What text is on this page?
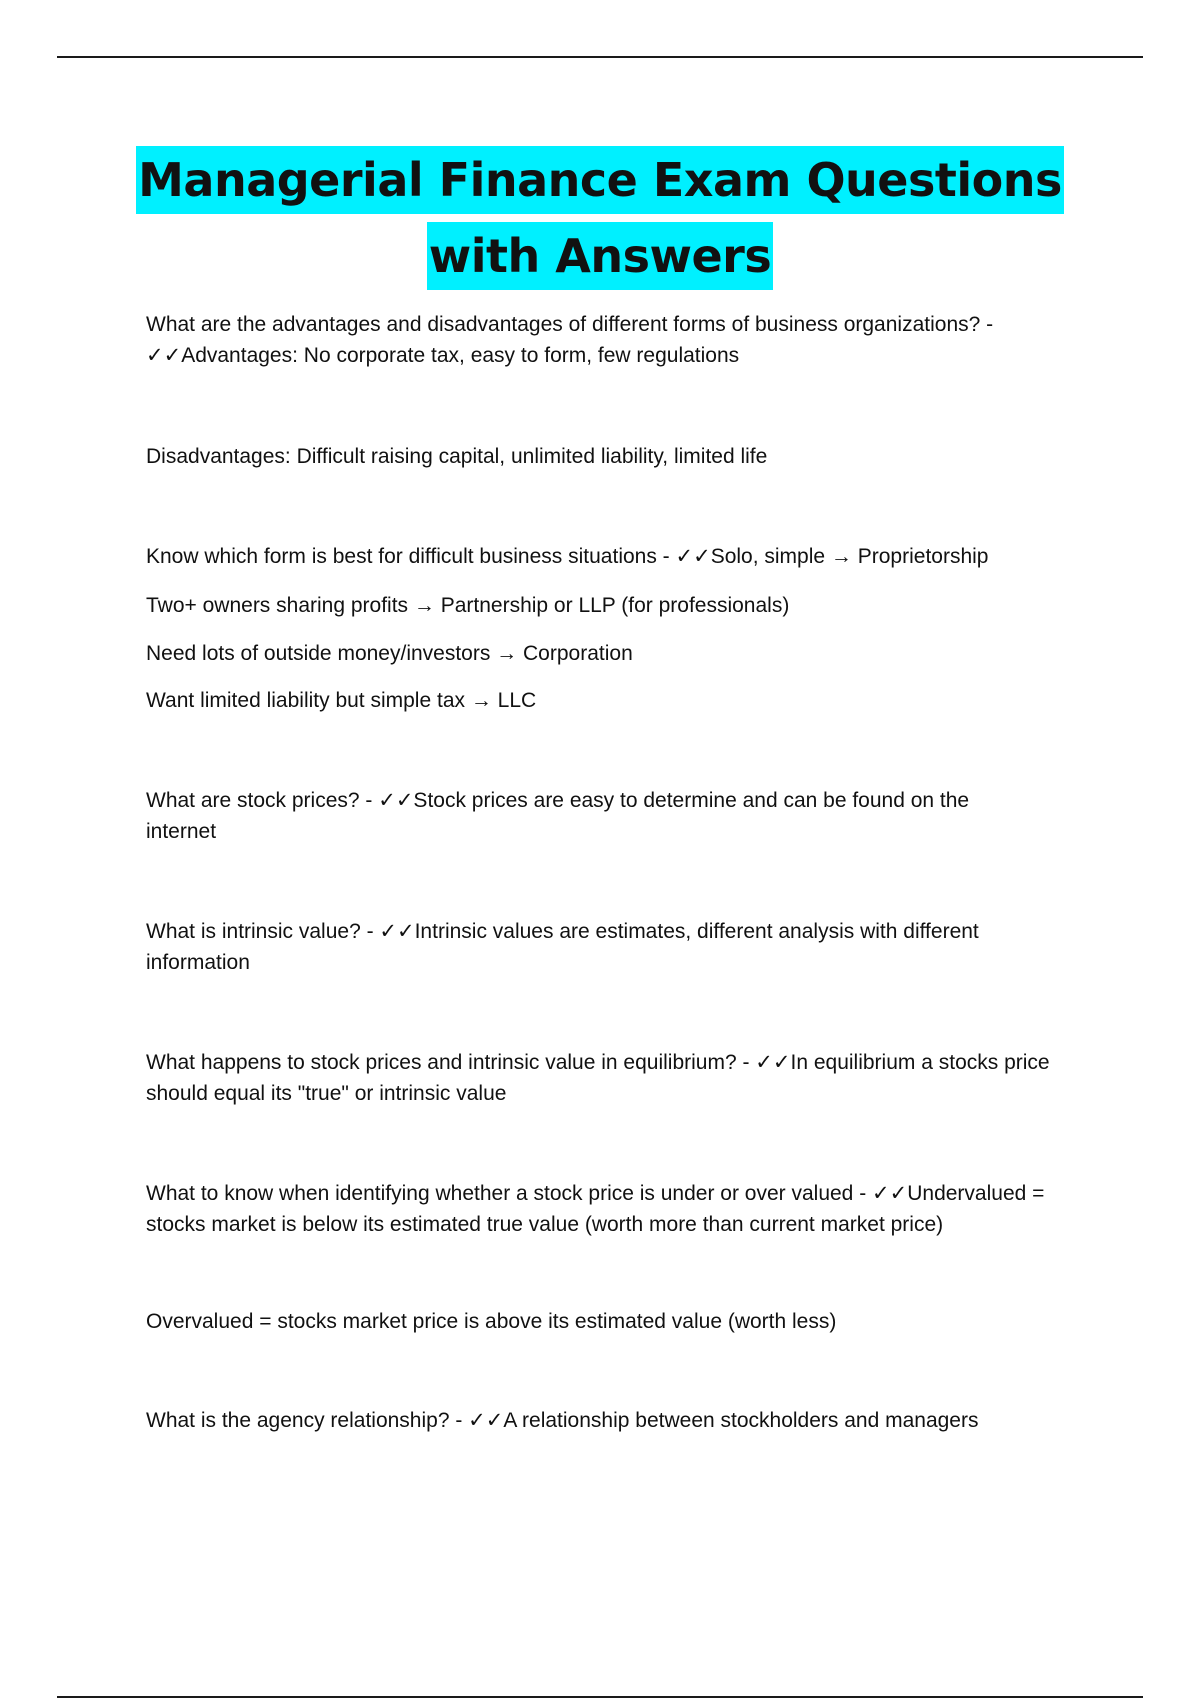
Managerial Finance Exam Questions
with Answers
What are the advantages and disadvantages of different forms of business organizations? - ✓✓Advantages: No corporate tax, easy to form, few regulations
Disadvantages: Difficult raising capital, unlimited liability, limited life
Know which form is best for difficult business situations - ✓✓Solo, simple → Proprietorship
Two+ owners sharing profits → Partnership or LLP (for professionals)
Need lots of outside money/investors → Corporation
Want limited liability but simple tax → LLC
What are stock prices? - ✓✓Stock prices are easy to determine and can be found on the internet
What is intrinsic value? - ✓✓Intrinsic values are estimates, different analysis with different information
What happens to stock prices and intrinsic value in equilibrium? - ✓✓In equilibrium a stocks price should equal its "true" or intrinsic value
What to know when identifying whether a stock price is under or over valued - ✓✓Undervalued = stocks market is below its estimated true value (worth more than current market price)
Overvalued = stocks market price is above its estimated value (worth less)
What is the agency relationship? - ✓✓A relationship between stockholders and managers
